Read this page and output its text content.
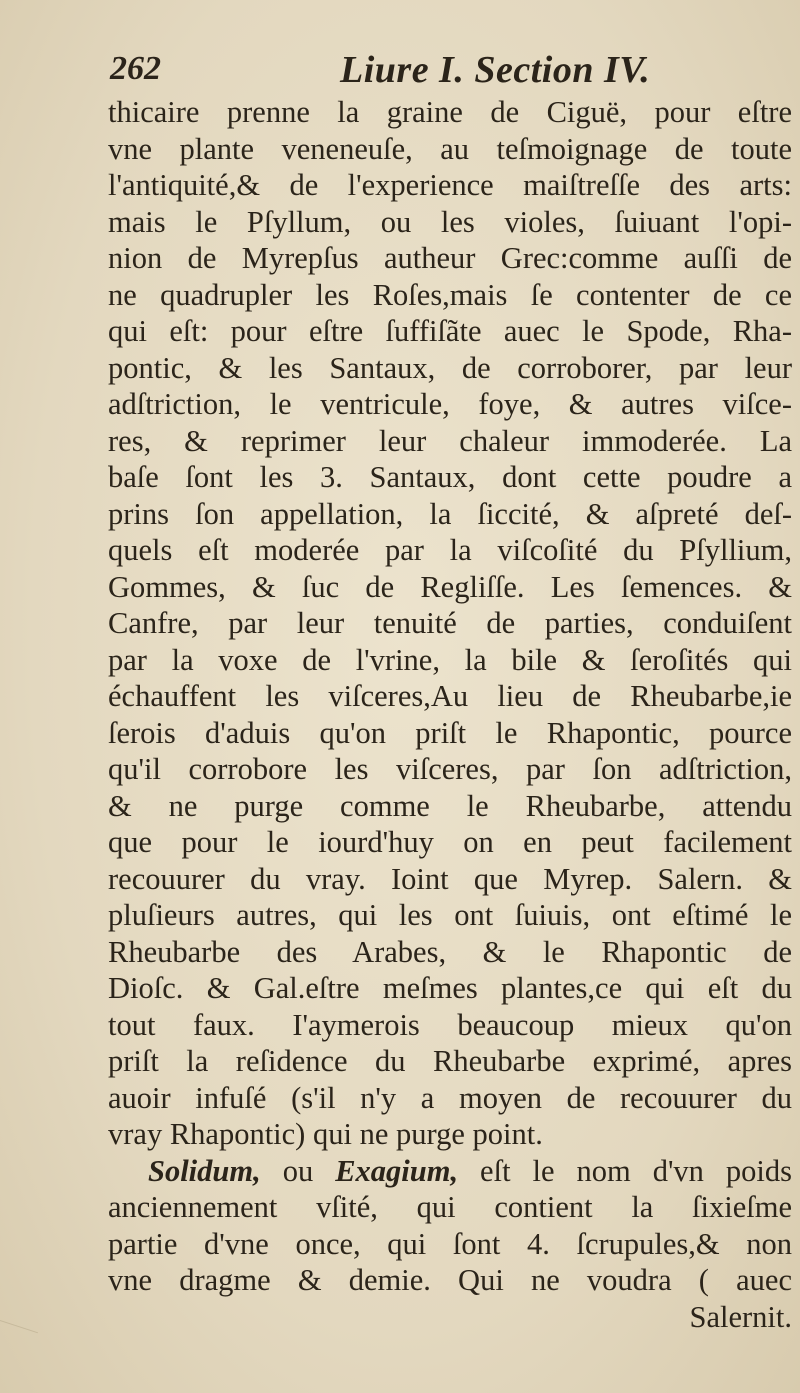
262	Liure I. Section IV.
thicaire prenne la graine de Ciguë, pour eſtre
vne plante veneneuſe, au teſmoignage de toute
l'antiquité,& de l'experience maiſtreſſe des arts:
mais le Pſyllum, ou les violes, ſuiuant l'opi-
nion de Myrepſus autheur Grec:comme auſſi de
ne quadrupler les Roſes,mais ſe contenter de ce
qui eſt: pour eſtre ſuffiſãte auec le Spode, Rha-
pontic, & les Santaux, de corroborer, par leur
adſtriction, le ventricule, foye, & autres viſce-
res, & reprimer leur chaleur immoderée. La
baſe ſont les 3. Santaux, dont cette poudre a
prins ſon appellation, la ſiccité, & aſpreté deſ-
quels eſt moderée par la viſcoſité du Pſyllium,
Gommes, & ſuc de Regliſſe. Les ſemences. &
Canfre, par leur tenuité de parties, conduiſent
par la voxe de l'vrine, la bile & ſeroſités qui
échauffent les viſceres,Au lieu de Rheubarbe,ie
ſerois d'aduis qu'on priſt le Rhapontic, pource
qu'il corrobore les viſceres, par ſon adſtriction,
& ne purge comme le Rheubarbe, attendu
que pour le iourd'huy on en peut facilement
recouurer du vray. Ioint que Myrep. Salern. &
pluſieurs autres, qui les ont ſuiuis, ont eſtimé le
Rheubarbe des Arabes, & le Rhapontic de
Dioſc. & Gal.eſtre meſmes plantes,ce qui eſt du
tout faux. I'aymerois beaucoup mieux qu'on
priſt la reſidence du Rheubarbe exprimé, apres
auoir infuſé (s'il n'y a moyen de recouurer du
vray Rhapontic) qui ne purge point.
Solidum, ou Exagium, eſt le nom d'vn poids
anciennement vſité, qui contient la ſixieſme
partie d'vne once, qui ſont 4. ſcrupules,& non
vne dragme & demie. Qui ne voudra ( auec
Salernit.
